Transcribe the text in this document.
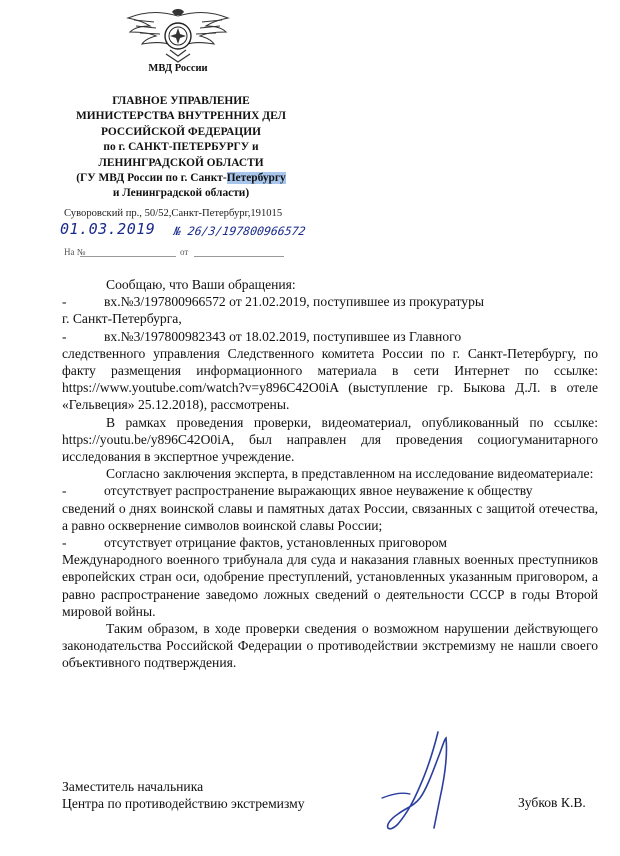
МВД России
ГЛАВНОЕ УПРАВЛЕНИЕ
МИНИСТЕРСТВА ВНУТРЕННИХ ДЕЛ
РОССИЙСКОЙ ФЕДЕРАЦИИ
по г. САНКТ-ПЕТЕРБУРГУ и
ЛЕНИНГРАДСКОЙ ОБЛАСТИ
(ГУ МВД России по г. Санкт-Петербургу
и Ленинградской области)
Суворовский пр., 50/52,Санкт-Петербург,191015
01.03.2019 № 26/3/197800966572
На №	от

Сообщаю, что Ваши обращения:

-	вх.№3/197800966572 от 21.02.2019, поступившее из прокуратуры

г. Санкт-Петербурга,

-	вх.№3/197800982343 от 18.02.2019, поступившее из Главного

следственного управления Следственного комитета России по г. Санкт-Петербургу, по факту размещения информационного материала в сети Интернет по ссылке: https://www.youtube.com/watch?v=y896C42O0iA (выступление гр. Быкова Д.Л. в отеле «Гельвеция» 25.12.2018), рассмотрены.

В рамках проведения проверки, видеоматериал, опубликованный по ссылке: https://youtu.be/y896C42O0iA, был направлен для проведения социогуманитарного исследования в экспертное учреждение.

Согласно заключения эксперта, в представленном на исследование видеоматериале:

-	отсутствует распространение выражающих явное неуважение к обществу

сведений о днях воинской славы и памятных датах России, связанных с защитой отечества, а равно осквернение символов воинской славы России;

-	отсутствует отрицание фактов, установленных приговором

Международного военного трибунала для суда и наказания главных военных преступников европейских стран оси, одобрение преступлений, установленных указанным приговором, а равно распространение заведомо ложных сведений о деятельности СССР в годы Второй мировой войны.

Таким образом, в ходе проверки сведения о возможном нарушении действующего законодательства Российской Федерации о противодействии экстремизму не нашли своего объективного подтверждения.

Заместитель начальника
Центра по противодействию экстремизму	Зубков К.В.
